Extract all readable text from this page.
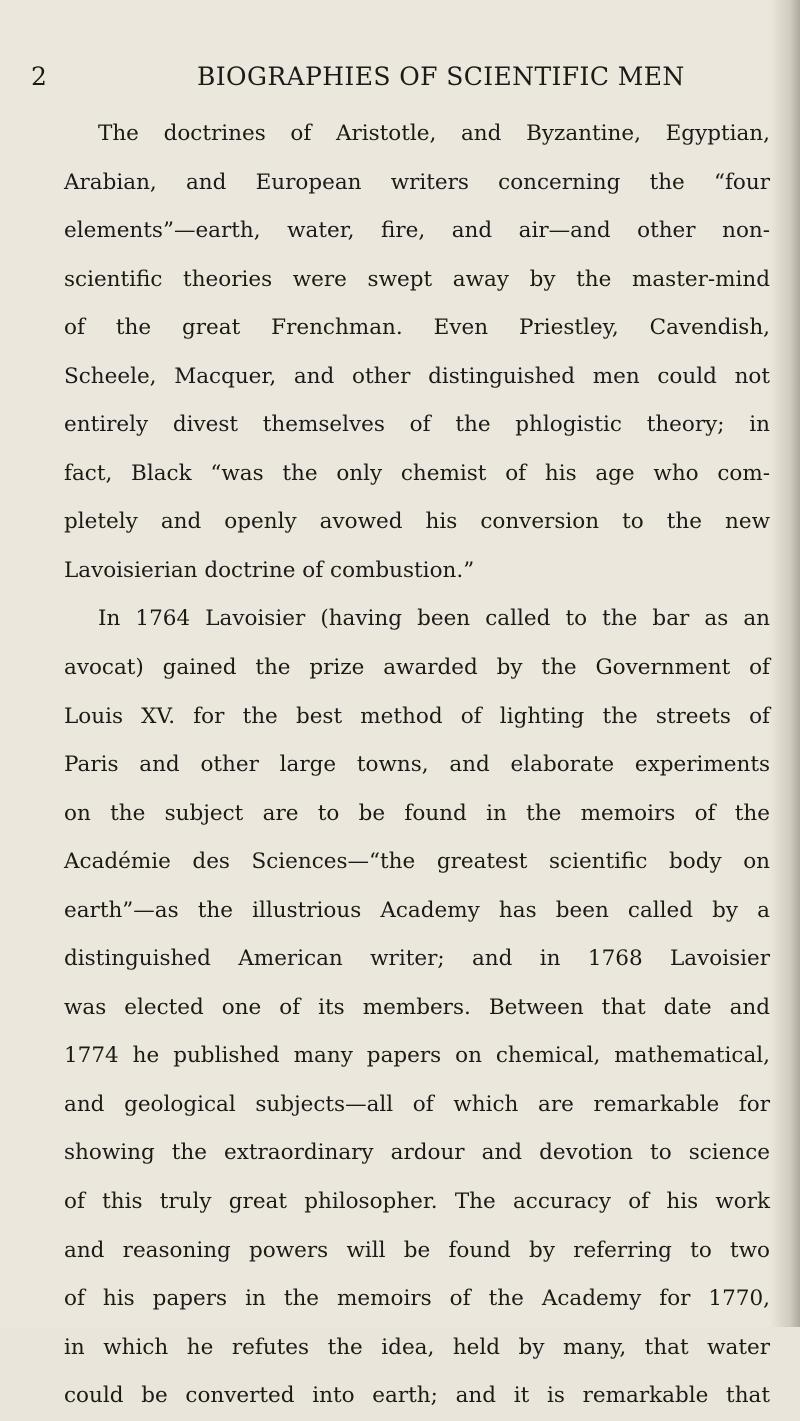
2	BIOGRAPHIES OF SCIENTIFIC MEN
The doctrines of Aristotle, and Byzantine, Egyptian,
Arabian, and European writers concerning the “four
elements”—earth, water, fire, and air—and other non-
scientific theories were swept away by the master-mind
of the great Frenchman. Even Priestley, Cavendish,
Scheele, Macquer, and other distinguished men could not
entirely divest themselves of the phlogistic theory; in
fact, Black “was the only chemist of his age who com-
pletely and openly avowed his conversion to the new
Lavoisierian doctrine of combustion.”
In 1764 Lavoisier (having been called to the bar as an
avocat) gained the prize awarded by the Government of
Louis XV. for the best method of lighting the streets of
Paris and other large towns, and elaborate experiments
on the subject are to be found in the memoirs of the
Académie des Sciences—“the greatest scientific body on
earth”—as the illustrious Academy has been called by a
distinguished American writer; and in 1768 Lavoisier
was elected one of its members. Between that date and
1774 he published many papers on chemical, mathematical,
and geological subjects—all of which are remarkable for
showing the extraordinary ardour and devotion to science
of this truly great philosopher. The accuracy of his work
and reasoning powers will be found by referring to two
of his papers in the memoirs of the Academy for 1770,
in which he refutes the idea, held by many, that water
could be converted into earth; and it is remarkable that
